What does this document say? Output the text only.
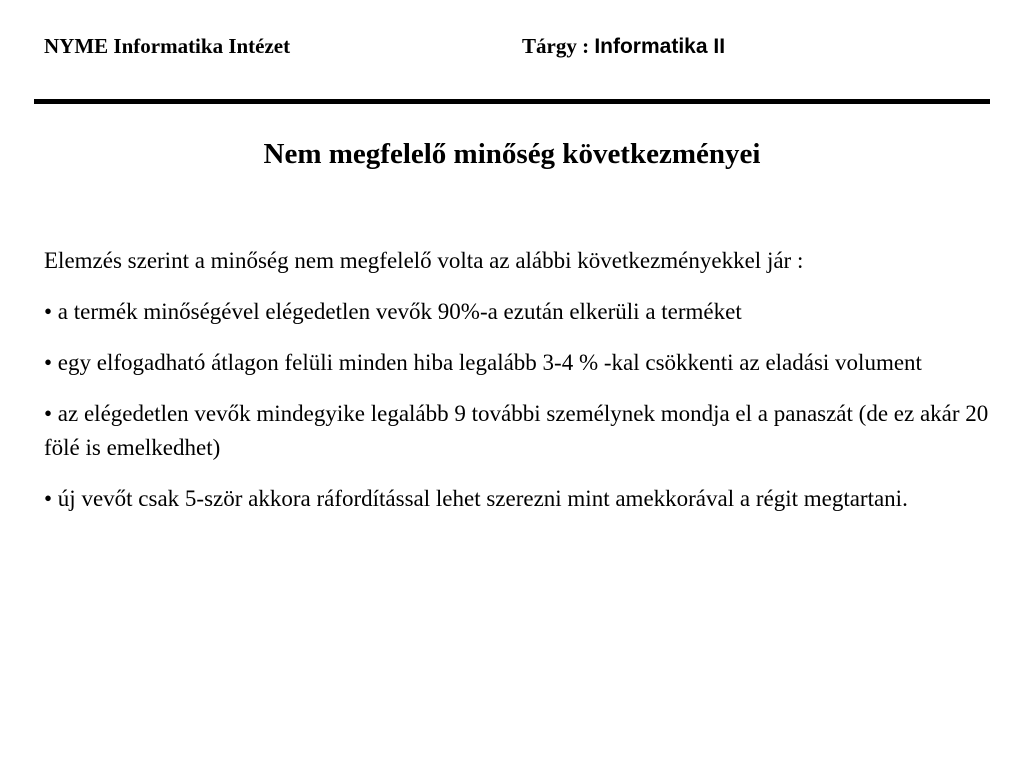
NYME Informatika Intézet	Tárgy : Informatika II
Nem megfelelő minőség következményei

Elemzés szerint a minőség nem megfelelő volta az alábbi következményekkel jár :

• a termék minőségével elégedetlen vevők 90%-a ezután elkerüli a terméket

• egy elfogadható átlagon felüli minden hiba legalább 3-4 % -kal csökkenti az eladási volument

• az elégedetlen vevők mindegyike legalább 9 további személynek mondja el a panaszát (de ez akár 20 fölé is emelkedhet)

• új vevőt csak 5-ször akkora ráfordítással lehet szerezni mint amekkorával a régit megtartani.
